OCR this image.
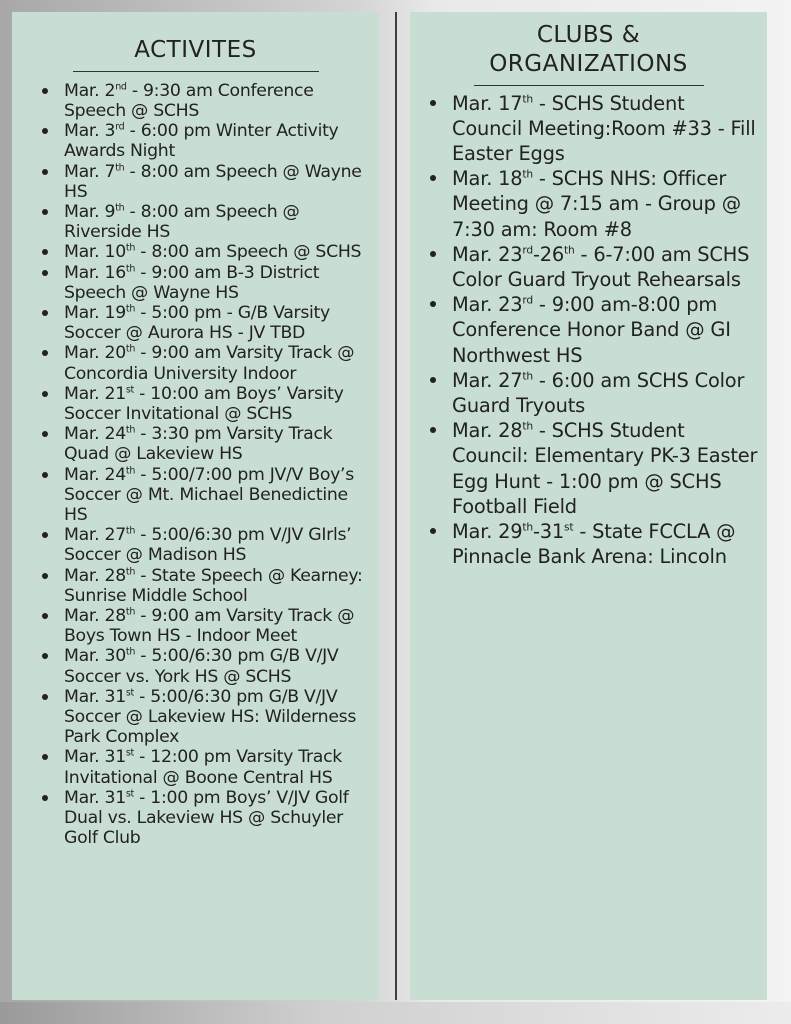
ACTIVITES
Mar. 2nd - 9:30 am Conference Speech @ SCHS
Mar. 3rd - 6:00 pm Winter Activity Awards Night
Mar. 7th - 8:00 am Speech @ Wayne HS
Mar. 9th - 8:00 am Speech @ Riverside HS
Mar. 10th - 8:00 am Speech @ SCHS
Mar. 16th - 9:00 am B-3 District Speech @ Wayne HS
Mar. 19th - 5:00 pm - G/B Varsity Soccer @ Aurora HS - JV TBD
Mar. 20th - 9:00 am Varsity Track @ Concordia University Indoor
Mar. 21st - 10:00 am Boys’ Varsity Soccer Invitational @ SCHS
Mar. 24th - 3:30 pm Varsity Track Quad @ Lakeview HS
Mar. 24th - 5:00/7:00 pm JV/V Boy’s Soccer @ Mt. Michael Benedictine HS
Mar. 27th - 5:00/6:30 pm V/JV GIrls’ Soccer @ Madison HS
Mar. 28th - State Speech @ Kearney: Sunrise Middle School
Mar. 28th - 9:00 am Varsity Track @ Boys Town HS - Indoor Meet
Mar. 30th - 5:00/6:30 pm G/B V/JV Soccer vs. York HS @ SCHS
Mar. 31st - 5:00/6:30 pm G/B V/JV Soccer @ Lakeview HS: Wilderness Park Complex
Mar. 31st - 12:00 pm Varsity Track Invitational @ Boone Central HS
Mar. 31st - 1:00 pm Boys’ V/JV Golf Dual vs. Lakeview HS @ Schuyler Golf Club
CLUBS &
ORGANIZATIONS
Mar. 17th - SCHS Student Council Meeting:Room #33 - Fill Easter Eggs
Mar. 18th - SCHS NHS: Officer Meeting @ 7:15 am - Group @ 7:30 am: Room #8
Mar. 23rd-26th - 6-7:00 am SCHS Color Guard Tryout Rehearsals
Mar. 23rd - 9:00 am-8:00 pm Conference Honor Band @ GI Northwest HS
Mar. 27th - 6:00 am SCHS Color Guard Tryouts
Mar. 28th - SCHS Student Council: Elementary PK-3 Easter Egg Hunt - 1:00 pm @ SCHS Football Field
Mar. 29th-31st - State FCCLA @ Pinnacle Bank Arena: Lincoln
